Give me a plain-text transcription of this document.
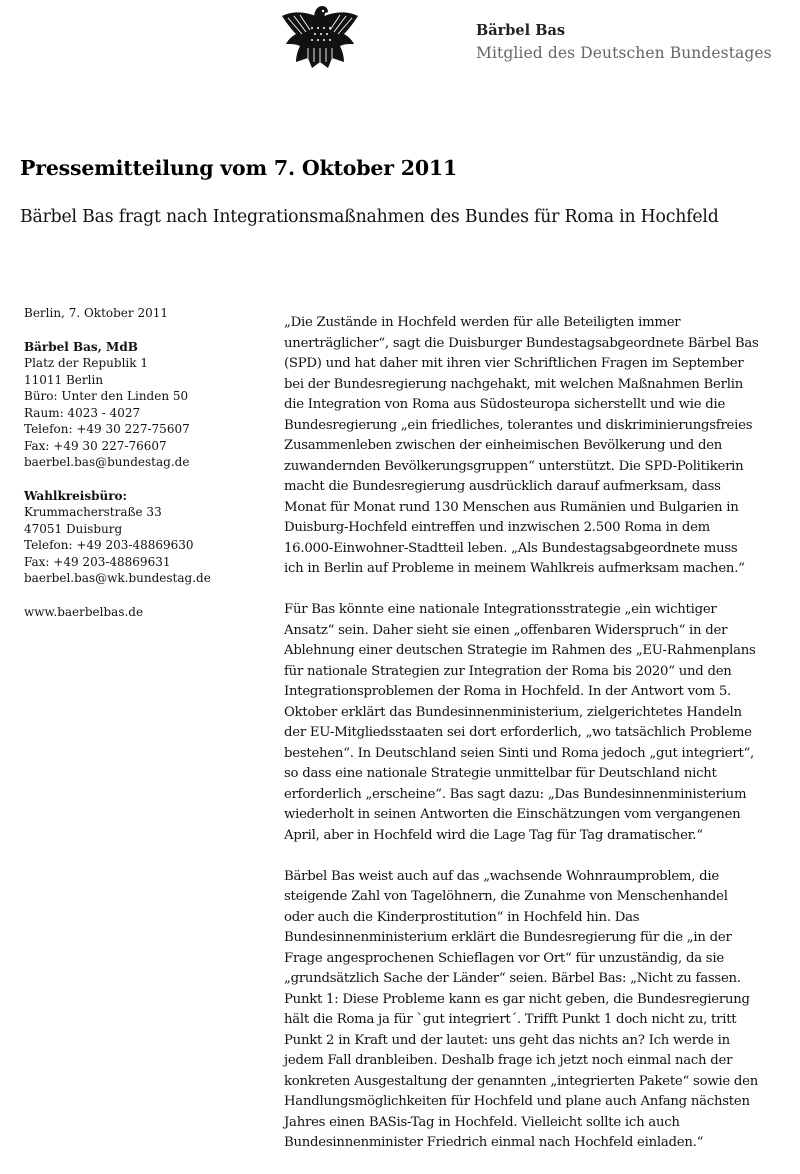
Bärbel Bas
Mitglied des Deutschen Bundestages
Pressemitteilung vom 7. Oktober 2011
Bärbel Bas fragt nach Integrationsmaßnahmen des Bundes für Roma in Hochfeld
Berlin, 7. Oktober 2011
Bärbel Bas, MdB
Platz der Republik 1
11011 Berlin
Büro: Unter den Linden 50
Raum: 4023 - 4027
Telefon: +49 30 227-75607
Fax: +49 30 227-76607
baerbel.bas@bundestag.de
Wahlkreisbüro:
Krummacherstraße 33
47051 Duisburg
Telefon: +49 203-48869630
Fax: +49 203-48869631
baerbel.bas@wk.bundestag.de
www.baerbelbas.de

„Die Zustände in Hochfeld werden für alle Beteiligten immer
unerträglicher“, sagt die Duisburger Bundestagsabgeordnete Bärbel Bas
(SPD) und hat daher mit ihren vier Schriftlichen Fragen im September
bei der Bundesregierung nachgehakt, mit welchen Maßnahmen Berlin
die Integration von Roma aus Südosteuropa sicherstellt und wie die
Bundesregierung „ein friedliches, tolerantes und diskriminierungsfreies
Zusammenleben zwischen der einheimischen Bevölkerung und den
zuwandernden Bevölkerungsgruppen“ unterstützt. Die SPD-Politikerin
macht die Bundesregierung ausdrücklich darauf aufmerksam, dass
Monat für Monat rund 130 Menschen aus Rumänien und Bulgarien in
Duisburg-Hochfeld eintreffen und inzwischen 2.500 Roma in dem
16.000-Einwohner-Stadtteil leben. „Als Bundestagsabgeordnete muss
ich in Berlin auf Probleme in meinem Wahlkreis aufmerksam machen.“

Für Bas könnte eine nationale Integrationsstrategie „ein wichtiger
Ansatz“ sein. Daher sieht sie einen „offenbaren Widerspruch“ in der
Ablehnung einer deutschen Strategie im Rahmen des „EU-Rahmenplans
für nationale Strategien zur Integration der Roma bis 2020“ und den
Integrationsproblemen der Roma in Hochfeld. In der Antwort vom 5.
Oktober erklärt das Bundesinnenministerium, zielgerichtetes Handeln
der EU-Mitgliedsstaaten sei dort erforderlich, „wo tatsächlich Probleme
bestehen“. In Deutschland seien Sinti und Roma jedoch „gut integriert“,
so dass eine nationale Strategie unmittelbar für Deutschland nicht
erforderlich „erscheine“. Bas sagt dazu: „Das Bundesinnenministerium
wiederholt in seinen Antworten die Einschätzungen vom vergangenen
April, aber in Hochfeld wird die Lage Tag für Tag dramatischer.“

Bärbel Bas weist auch auf das „wachsende Wohnraumproblem, die
steigende Zahl von Tagelöhnern, die Zunahme von Menschenhandel
oder auch die Kinderprostitution“ in Hochfeld hin. Das
Bundesinnenministerium erklärt die Bundesregierung für die „in der
Frage angesprochenen Schieflagen vor Ort“ für unzuständig, da sie
„grundsätzlich Sache der Länder“ seien. Bärbel Bas: „Nicht zu fassen.
Punkt 1: Diese Probleme kann es gar nicht geben, die Bundesregierung
hält die Roma ja für `gut integriert´. Trifft Punkt 1 doch nicht zu, tritt
Punkt 2 in Kraft und der lautet: uns geht das nichts an? Ich werde in
jedem Fall dranbleiben. Deshalb frage ich jetzt noch einmal nach der
konkreten Ausgestaltung der genannten „integrierten Pakete“ sowie den
Handlungsmöglichkeiten für Hochfeld und plane auch Anfang nächsten
Jahres einen BASis-Tag in Hochfeld. Vielleicht sollte ich auch
Bundesinnenminister Friedrich einmal nach Hochfeld einladen.“
